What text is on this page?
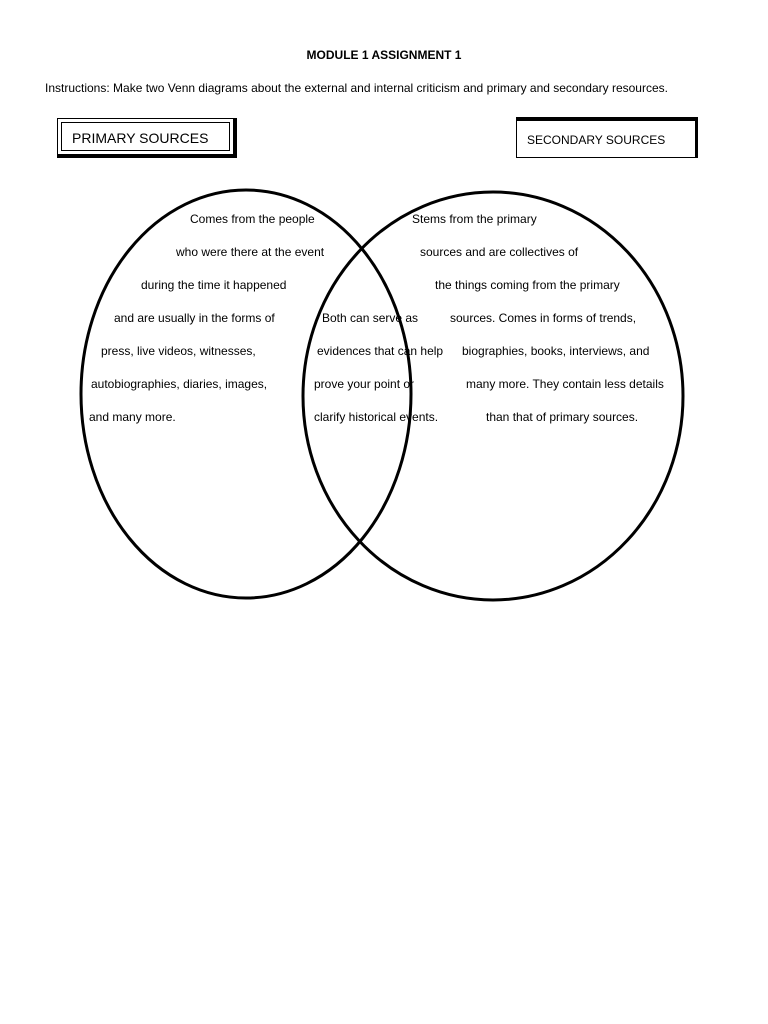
MODULE 1 ASSIGNMENT 1
Instructions: Make two Venn diagrams about the external and internal criticism and primary and secondary resources.
PRIMARY SOURCES	SECONDARY SOURCES
Comes from the people
who were there at the event
during the time it happened
and are usually in the forms of
press, live videos, witnesses,
autobiographies, diaries, images,
and many more.
Both can serve as
evidences that can help
prove your point or
clarify historical events.
Stems from the primary
sources and are collectives of
the things coming from the primary
sources. Comes in forms of trends,
biographies, books, interviews, and
many more. They contain less details
than that of primary sources.
